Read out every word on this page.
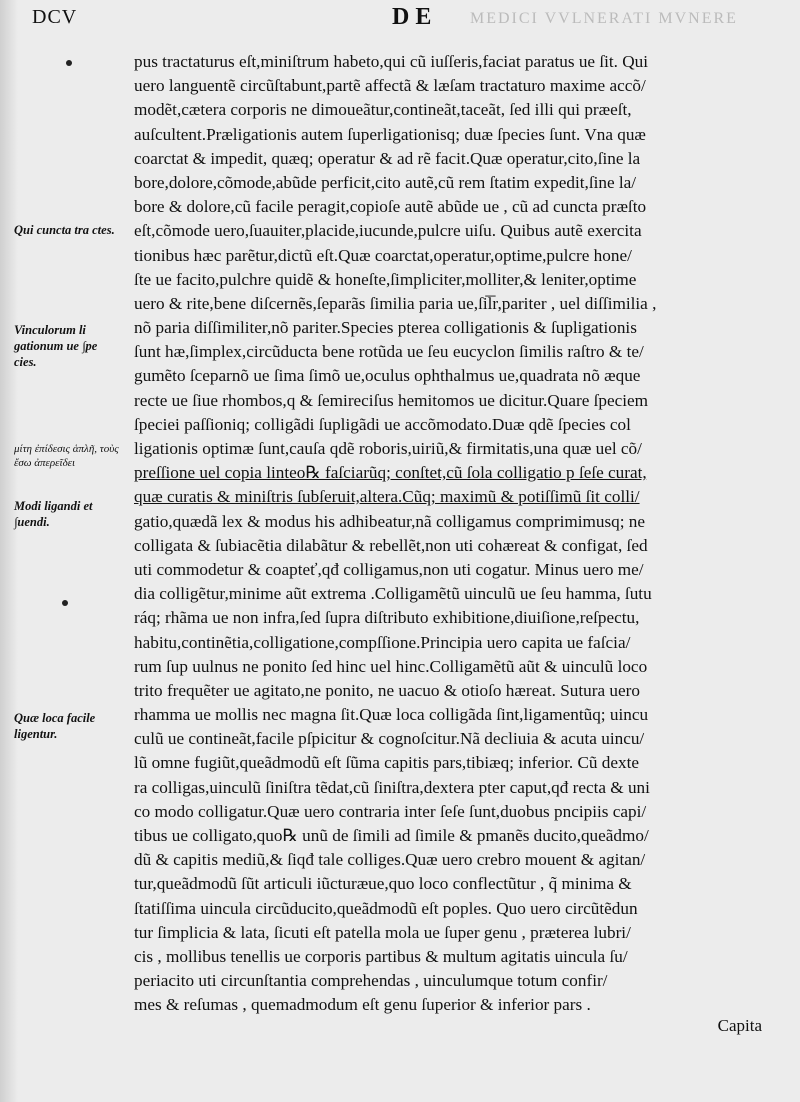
DCV	D E MEDICI VVLNERATI MVNERE
Qui cuncta tra ctes.
Vinculorum li gationum ue ∫pe cies.
μίτη ἐπίδεσις ἁπλῆ, τοὺς ἔσω ἀπερεῖδει
Modi ligandi et ∫uendi.
Quæ loca facile ligentur.
pus tractaturus eſt,miniſtrum habeto,qui cũ iuſſeris,faciat paratus ue ſit. Qui
uero languentẽ circũſtabunt,partẽ affectã & læſam tractaturo maxime accõ/
modẽt,cætera corporis ne dimoueãtur,contineãt,taceãt, ſed illi qui præeſt,
auſcultent.Præligationis autem ſuperligationisq; duæ ſpecies ſunt. Vna quæ
coarctat & impedit, quæq; operatur & ad rẽ facit.Quæ operatur,cito,ſine la
bore,dolore,cõmode,abũde perficit,cito autẽ,cũ rem ſtatim expedit,ſine la/
bore & dolore,cũ facile peragit,copioſe autẽ abũde ue , cũ ad cuncta præſto
eſt,cõmode uero,ſuauiter,placide,iucunde,pulcre uiſu. Quibus autẽ exercita
tionibus hæc parẽtur,dictũ eſt.Quæ coarctat,operatur,optime,pulcre hone/
ſte ue facito,pulchre quidẽ & honeſte,ſimpliciter,molliter,& leniter,optime
uero & rite,bene diſcernẽs,ſeparãs ſimilia paria ue,ſi͞lr,pariter , uel diſſimilia ,
nõ paria diſſimiliter,nõ pariter.Species pterea colligationis & ſupligationis
ſunt hæ,ſimplex,circũducta bene rotũda ue ſeu eucyclon ſimilis raſtro & te/
gumẽto ſceparnõ ue ſima ſimõ ue,oculus ophthalmus ue,quadrata nõ æque
recte ue ſiue rhombos,q & ſemireciſus hemitomos ue dicitur.Quare ſpeciem
ſpeciei paſſioniq; colligãdi ſupligãdi ue accõmodato.Duæ qdẽ ſpecies col
ligationis optimæ ſunt,cauſa qdẽ roboris,uiriũ,& firmitatis,una quæ uel cõ/
preſſione uel copia linteo℞ faſciarũq; conſtet,cũ ſola colligatio p ſeſe curat,
quæ curatis & miniſtris ſubſeruit,altera.Cũq; maximũ & potiſſimũ ſit colli/
gatio,quædã lex & modus his adhibeatur,nã colligamus comprimimusq; ne
colligata & ſubiacẽtia dilabãtur & rebellẽt,non uti cohæreat & configat, ſed
uti commodetur & coapteť,qđ colligamus,non uti cogatur. Minus uero me/
dia colligẽtur,minime aũt extrema .Colligamẽtũ uinculũ ue ſeu hamma, ſutu
ráq; rhãma ue non infra,ſed ſupra diſtributo exhibitione,diuiſione,reſpectu,
habitu,continẽtia,colligatione,compſſione.Principia uero capita ue faſcia/
rum ſup uulnus ne ponito ſed hinc uel hinc.Colligamẽtũ aũt & uinculũ loco
trito frequẽter ue agitato,ne ponito, ne uacuo & otioſo hæreat. Sutura uero
rhamma ue mollis nec magna ſit.Quæ loca colligãda ſint,ligamentũq; uincu
culũ ue contineãt,facile pſpicitur & cognoſcitur.Nã decliuia & acuta uincu/
lũ omne fugiũt,queãdmodũ eſt ſũma capitis pars,tibiæq; inferior. Cũ dexte
ra colligas,uinculũ ſiniſtra tẽdat,cũ ſiniſtra,dextera pter caput,qđ recta & uni
co modo colligatur.Quæ uero contraria inter ſeſe ſunt,duobus pncipiis capi/
tibus ue colligato,quo℞ unũ de ſimili ad ſimile & pmanẽs ducito,queãdmo/
dũ & capitis mediũ,& ſiqđ tale colliges.Quæ uero crebro mouent & agitan/
tur,queãdmodũ ſũt articuli iũcturæue,quo loco conflectũtur , q̃ minima &
ſtatiſſima uincula circũducito,queãdmodũ eſt poples. Quo uero circũtẽdun
tur ſimplicia & lata, ſicuti eſt patella mola ue ſuper genu , præterea lubri/
cis , mollibus tenellis ue corporis partibus & multum agitatis uincula ſu/
periacito uti circunſtantia comprehendas , uinculumque totum confir/
mes & reſumas , quemadmodum eſt genu ſuperior & inferior pars .
Capita
